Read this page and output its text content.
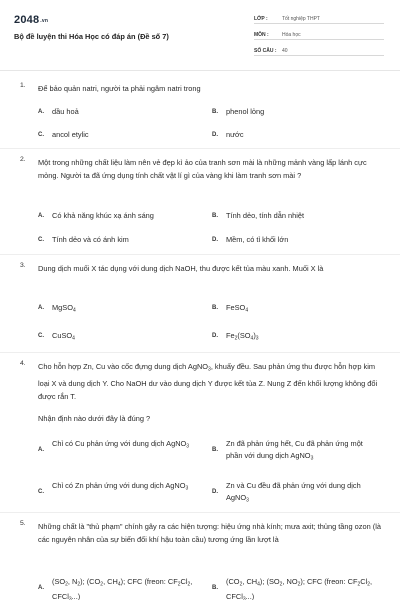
$2048^{.vn}$
Bộ đề luyện thi Hóa Học có đáp án (Đề số 7)
LỚP :	Tốt nghiệp THPT
MÔN :	Hóa học
SỐ CÂU : 40
1. Để bảo quản natri, người ta phải ngâm natri trong
A. dầu hoả	B. phenol lỏng
C. ancol etylic	D. nước
2. Một trong những chất liệu làm nên vẻ đẹp kì ảo của tranh sơn mài là những mảnh vàng lấp lánh cực mỏng. Người ta đã ứng dụng tính chất vật lí gì của vàng khi làm tranh sơn mài ?
A. Có khả năng khúc xạ ánh sáng	B. Tính dẻo, tính dẫn nhiệt
C. Tính dẻo và có ánh kim	D. Mềm, có tỉ khối lớn
3. Dung dịch muối X tác dụng với dung dịch NaOH, thu được kết tủa màu xanh. Muối X là
A. MgSO$_4$	B. FeSO$_4$
C. CuSO$_4$	D. $Fe_2(SO_4)_3$
4. Cho hỗn hợp Zn, Cu vào cốc đựng dung dịch AgNO$_3$, khuấy đều. Sau phản ứng thu được hỗn hợp kim loại X và dung dịch Y. Cho NaOH dư vào dung dịch Y được kết tủa Z. Nung Z đến khối lượng không đổi được rắn T.
Nhận định nào dưới đây là đúng ?
A.
Chỉ có Cu phản ứng với dung dịch AgNO$_3$
B.
Zn đã phản ứng hết, Cu đã phản ứng một phần với dung dịch AgNO$_3$
C.
Chỉ có Zn phản ứng với dung dịch AgNO$_3$
D.
Zn và Cu đều đã phản ứng với dung dịch AgNO$_3$
5. Những chất là "thủ phạm" chính gây ra các hiện tượng: hiệu ứng nhà kính; mưa axit; thủng tầng ozon (là các nguyên nhân của sự biến đổi khí hậu toàn cầu) tương ứng lần lượt là
A.
($SO_2$, $N_2$); ($CO_2$, $CH_4$); CFC (freon: $CF_2Cl_2$, CFCl$_3$...)
B.
($CO_2$, $CH_4$); ($SO_2$, $NO_2$); CFC (freon: $CF_2Cl_2$, CFCl$_3$...)
